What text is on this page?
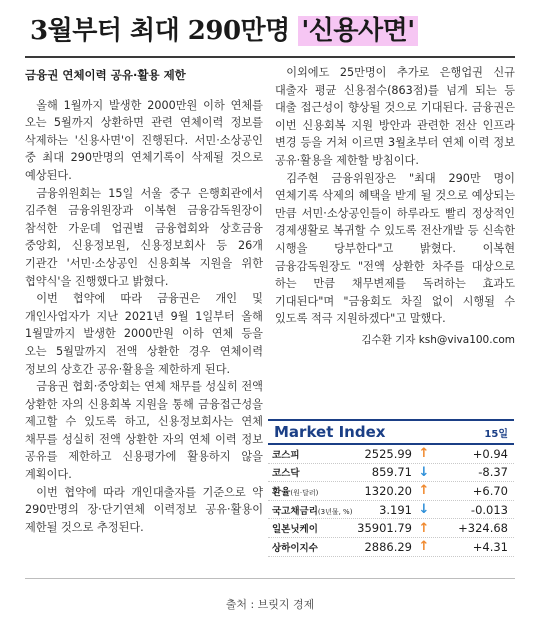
3월부터 최대 290만명 '신용사면'
금융권 연체이력 공유·활용 제한

올해 1월까지 발생한 2000만원 이하 연체를 오는 5월까지 상환하면 관련 연체이력 정보를 삭제하는 '신용사면'이 진행된다. 서민·소상공인 중 최대 290만명의 연체기록이 삭제될 것으로 예상된다.

금융위원회는 15일 서울 중구 은행회관에서 김주현 금융위원장과 이복현 금융감독원장이 참석한 가운데 업권별 금융협회와 상호금융 중앙회, 신용정보원, 신용정보회사 등 26개 기관간 '서민·소상공인 신용회복 지원을 위한 협약식'을 진행했다고 밝혔다.

이번 협약에 따라 금융권은 개인 및 개인사업자가 지난 2021년 9월 1일부터 올해 1월말까지 발생한 2000만원 이하 연체 등을 오는 5월말까지 전액 상환한 경우 연체이력 정보의 상호간 공유·활용을 제한하게 된다.

금융권 협회·중앙회는 연체 채무를 성실히 전액 상환한 자의 신용회복 지원을 통해 금융접근성을 제고할 수 있도록 하고, 신용정보회사는 연체 채무를 성실히 전액 상환한 자의 연체 이력 정보 공유를 제한하고 신용평가에 활용하지 않을 계획이다.

이번 협약에 따라 개인대출자를 기준으로 약 290만명의 장·단기연체 이력정보 공유·활용이 제한될 것으로 추정된다.

이외에도 25만명이 추가로 은행업권 신규 대출자 평균 신용점수(863점)를 넘게 되는 등 대출 접근성이 향상될 것으로 기대된다. 금융권은 이번 신용회복 지원 방안과 관련한 전산 인프라 변경 등을 거쳐 이르면 3월초부터 연체 이력 정보 공유·활용을 제한할 방침이다.

김주현 금융위원장은 "최대 290만 명이 연체기록 삭제의 혜택을 받게 될 것으로 예상되는 만큼 서민·소상공인들이 하루라도 빨리 정상적인 경제생활로 복귀할 수 있도록 전산개발 등 신속한 시행을 당부한다"고 밝혔다. 이복현 금융감독원장도 "전액 상환한 차주를 대상으로 하는 만큼 채무변제를 독려하는 효과도 기대된다"며 "금융회도 차질 없이 시행될 수 있도록 적극 지원하겠다"고 말했다.

김수환 기자 ksh@viva100.com
Market Index	15일
코스피	2525.99 ↑	+0.94
코스닥	859.71 ↓	-8.37
환율(원·달러)	1320.20 ↑	+6.70
국고채금리(3년물, %)	3.191 ↓	-0.013
일본닛케이	35901.79 ↑	+324.68
상하이지수	2886.29 ↑	+4.31
출처 : 브릿지 경제
